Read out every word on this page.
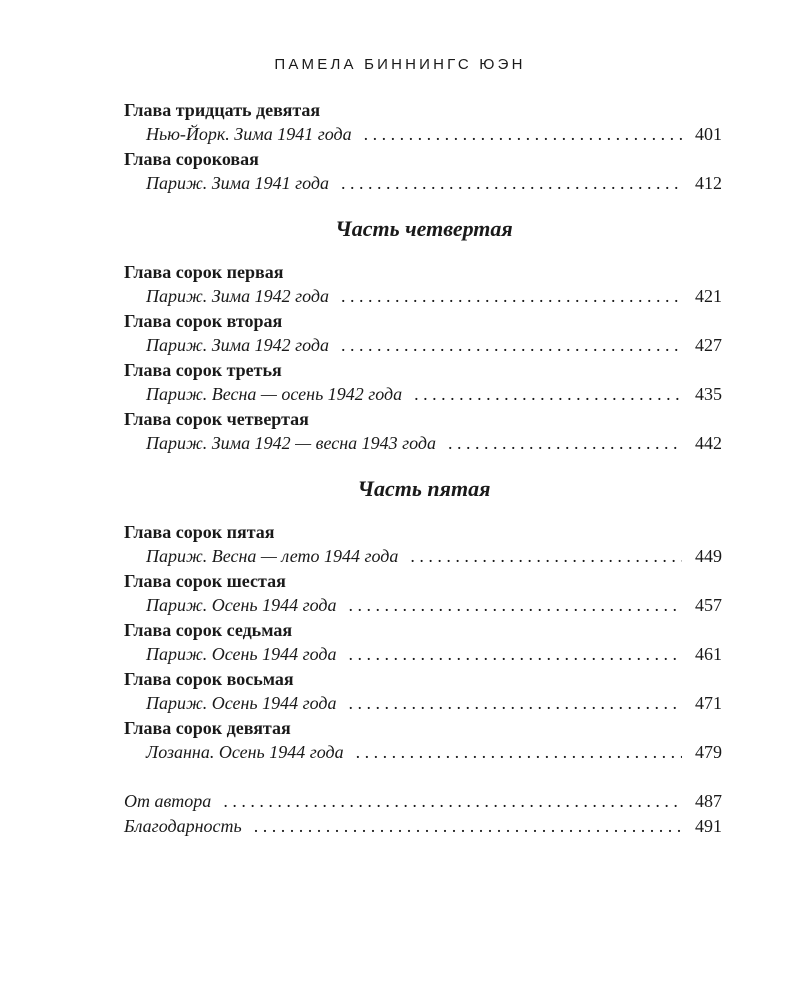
ПАМЕЛА БИННИНГС ЮЭН
Глава тридцать девятая
Нью-Йорк. Зима 1941 года . . .	401
Глава сороковая
Париж. Зима 1941 года . . .	412
Часть четвертая
Глава сорок первая
Париж. Зима 1942 года . . .	421
Глава сорок вторая
Париж. Зима 1942 года . . .	427
Глава сорок третья
Париж. Весна — осень 1942 года . . .	435
Глава сорок четвертая
Париж. Зима 1942 — весна 1943 года . . .	442
Часть пятая
Глава сорок пятая
Париж. Весна — лето 1944 года . . .	449
Глава сорок шестая
Париж. Осень 1944 года . . .	457
Глава сорок седьмая
Париж. Осень 1944 года . . .	461
Глава сорок восьмая
Париж. Осень 1944 года . . .	471
Глава сорок девятая
Лозанна. Осень 1944 года . . .	479
От автора . . .	487
Благодарность . . .	491
